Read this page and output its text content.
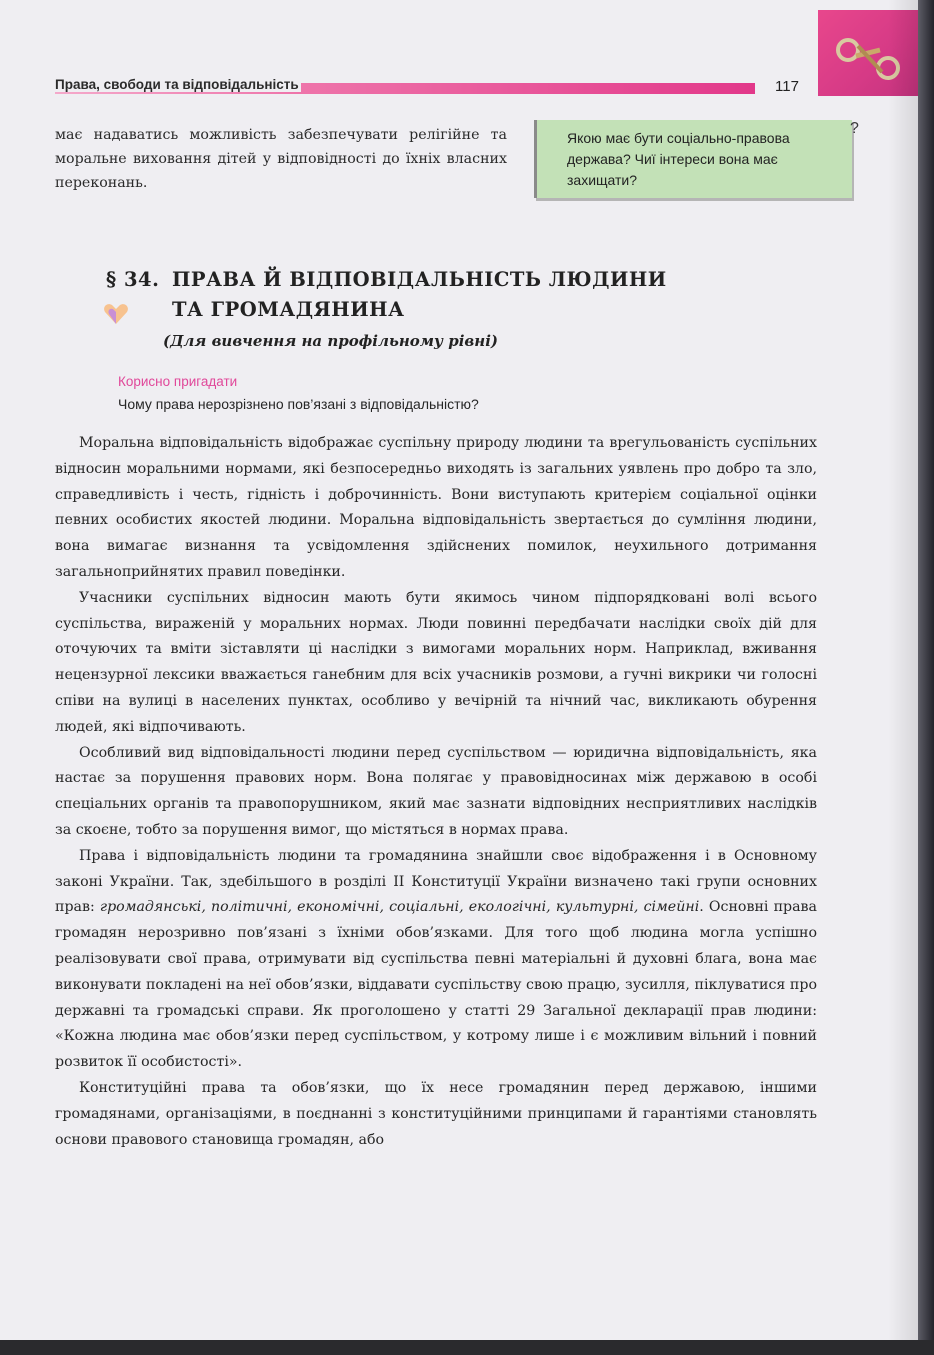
Права, свободи та відповідальність	117
має надаватись можливість забезпечувати релігійне та моральне виховання дітей у відповідності до їхніх власних переконань.
Якою має бути соціально-правова держава? Чиї інтереси вона має захищати?
?
§ 34. ПРАВА Й ВІДПОВІДАЛЬНІСТЬ ЛЮДИНИ
ТА ГРОМАДЯНИНА
(Для вивчення на профільному рівні)
Корисно пригадати
Чому права нерозрізнено пов’язані з відповідальністю?

Моральна відповідальність відображає суспільну природу людини та врегульованість суспільних відносин моральними нормами, які безпосередньо виходять із загальних уявлень про добро та зло, справедливість і честь, гідність і доброчинність. Вони виступають критерієм соціальної оцінки певних особистих якостей людини. Моральна відповідальність звертається до сумління людини, вона вимагає визнання та усвідомлення здійснених помилок, неухильного дотримання загальноприйнятих правил поведінки.

Учасники суспільних відносин мають бути якимось чином підпорядковані волі всього суспільства, вираженій у моральних нормах. Люди повинні передбачати наслідки своїх дій для оточуючих та вміти зіставляти ці наслідки з вимогами моральних норм. Наприклад, вживання нецензурної лексики вважається ганебним для всіх учасників розмови, а гучні викрики чи голосні співи на вулиці в населених пунктах, особливо у вечірній та нічний час, викликають обурення людей, які відпочивають.

Особливий вид відповідальності людини перед суспільством — юридична відповідальність, яка настає за порушення правових норм. Вона полягає у правовідносинах між державою в особі спеціальних органів та правопорушником, який має зазнати відповідних несприятливих наслідків за скоєне, тобто за порушення вимог, що містяться в нормах права.

Права і відповідальність людини та громадянина знайшли своє відображення і в Основному законі України. Так, здебільшого в розділі II Конституції України визначено такі групи основних прав: громадянські, політичні, економічні, соціальні, екологічні, культурні, сімейні. Основні права громадян нерозривно пов’язані з їхніми обов’язками. Для того щоб людина могла успішно реалізовувати свої права, отримувати від суспільства певні матеріальні й духовні блага, вона має виконувати покладені на неї обов’язки, віддавати суспільству свою працю, зусилля, піклуватися про державні та громадські справи. Як проголошено у статті 29 Загальної декларації прав людини: «Кожна людина має обов’язки перед суспільством, у котрому лише і є можливим вільний і повний розвиток її особистості».

Конституційні права та обов’язки, що їх несе громадянин перед державою, іншими громадянами, організаціями, в поєднанні з конституційними принципами й гарантіями становлять основи правового становища громадян, або
